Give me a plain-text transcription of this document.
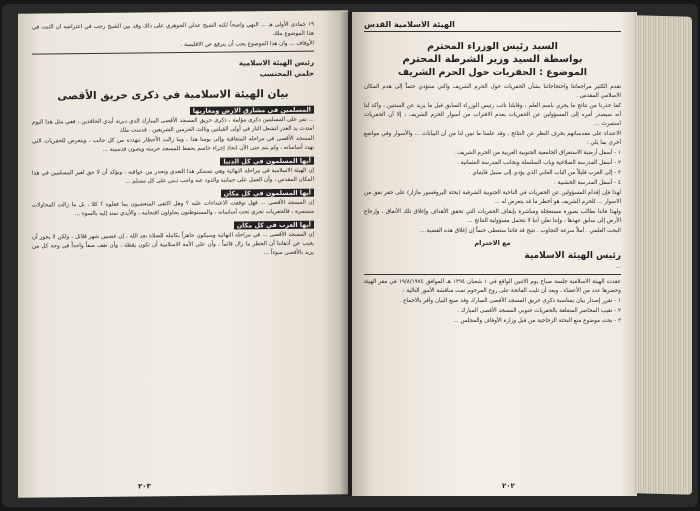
١٩ جمادى الأولى هـ ... النهي واضحاً لكنه الشيخ عدلي الجوهري على ذلك وقد بين الشيخ رجب في اعتراضه ان الثبت في هذا الموضوع ملك

الأوقاف ... وان هذا الموضوع يجب أن يترفع عن الاقليمية .

رئيس الهيئة الاسلامية
حلمي المحتسب
بيان الهيئة الاسلامية في ذكرى حريق الأقصى
المسلمين في مشارق الارض ومغاربها

... تمر على المسلمين ذكرى مؤلمة ، ذكرى حريق المسجد الأقصى المبارك الذي دبرته أيدي الحاقدين ، ففي مثل هذا اليوم امتدت يد الغدر لتشعل النار في أولى القبلتين وثالث الحرمين الشريفين . قدست ملك

المسجد الأقصى في مراحله المتعاقبة وإلى يومنا هذا ، وما زالت الأخطار تتهدده من كل جانب ، ويتعرض للحفريات التي تهدد أساساته ، ولم يتم حتى الآن اتخاذ إجراء حاسم يحفظ للمسجد حرمته ويصون قدسيته ...

أيها المسلمون في كل الدنيا

إن الهيئة الاسلامية في مراحله النهائية وهي تستنكر هذا التعدي وتحذر من عواقبه ، وتؤكد أن لا حق لغير المسلمين في هذا المكان المقدس ، وأن العمل على حمايته والذود عنه واجب ديني على كل مسلم ...

أيها المسلمون في كل مكان

إن المسجد الأقصى ... فهل توقفت الاعتداءات عليه ؟ وهل اكتفى المتعصبون بما فعلوه ؟ كلا ، بل ما زالت المحاولات مستمرة ، فالحفريات تجري تحت أساساته ، والمستوطنون يحاولون اقتحامه ، والأيدي تمتد إليه بالسوء ...

أيها العرب في كل مكان

إن المسجد الأقصى ... في مراحله النهائية وسيكون جاهزاً بكامله للصلاة بعد الله ، إن غضبين شهر قلائل ، ولكن لا يجوز أن يغيب عن أذهاننا أن الخطر ما زال قائماً ، وأن على الأمة الاسلامية أن تكون يقظة ، وأن تقف صفاً واحداً في وجه كل من يريد بالأقصى سوءاً ...

٢٠٣
الهيئة الاسلامية القدس
السيد رئيس الوزراء المحترم
بواسطة السيد وزير الشرطة المحترم
الموضوع : الحفريات حول الحرم الشريف

تقدم الكثير مراجعاتنا واحتجاجاتنا بشأن الحفريات حول الحرم الشريف والتي ستؤدي حتماً إلى هدم المكان الاسلامي المقدس .

كما حذرنا من نتائج ما يجري باسم العلم ، وقابلنا نائب رئيس الوزراء السابق قبل ما يزيد عن السنتين ، وأكد لنا أنه سيصدر أمره إلى المسؤولين عن الحفريات بعدم الاقتراب من أسوار الحرم الشريف ، إلا أن الحفريات استمرت ...

الاعتداء على مقدساتهم بحرف النظر عن النتائج ، وقد علمنا ما تبين لنا من أن البيانات ... والأسوار وفي مواضع أخرى بما يلي :

١ - أسفل أرضية الاستغراق الجامعية الجنوبية الغربية من الحرم الشريف .

٢ - أسفل المدرسة الصلاحية وباب السلسلة وبجانب المدرسة العثمانية .

٣ - إلى الغرب قليلاً من الباب الغابي الذي يؤدي إلى سبيل قايتباي .

٤ - أسفل المدرسة الخشبية .

لهذا فإن إقدام المسؤولين عن الحفريات في الناحية الجنوبية الشرقية (بحثة اليروفسور مازار) على حفر نفق من الاسوار ... للحرم الشريف هو أخطر ما قد يتعرض له ...

ولهذا فاننا نطالب بصورة مستعجلة ومباشرة بإيقاف الحفريات التي تحقق الأهداف وإغلاق تلك الأنفاق ، وإرجاع الأرض إلى سابق عهدها ، وإننا نعلن أننا لا نتحمل مسؤولية النتائج ...

البحث العلمي . أملاً سرعة التجاوب . تتيح قد فاتنا ستعطى حتماً إن إغلاق هذه القضية ...

مع الاحترام
رئيس الهيئة الاسلامية
...

عقدت الهيئة الاسلامية جلسة صباح يوم الاثنين الواقع في ١ شعبان ١٣٩٤ هـ الموافق ١٩/٨/١٩٧٤ في مقر الهيئة وحضرها عدد من الأعضاء ، وبعد أن تليت الفاتحة على روح المرحوم تمت مناقشة الأمور التالية :

١ - تقرر إصدار بيان بمناسبة ذكرى حريق المسجد الأقصى المبارك وقد صيغ البيان وأقر بالاجماع .

٢ - تقيب المحاضر المتعلقة بالحفريات جنوبي المسجد الأقصى المبارك .

٣ - بحث موضوع منع البحثة الزجاجية من قبل وزارة الأوقاف والمجلس ...

٢٠٢
